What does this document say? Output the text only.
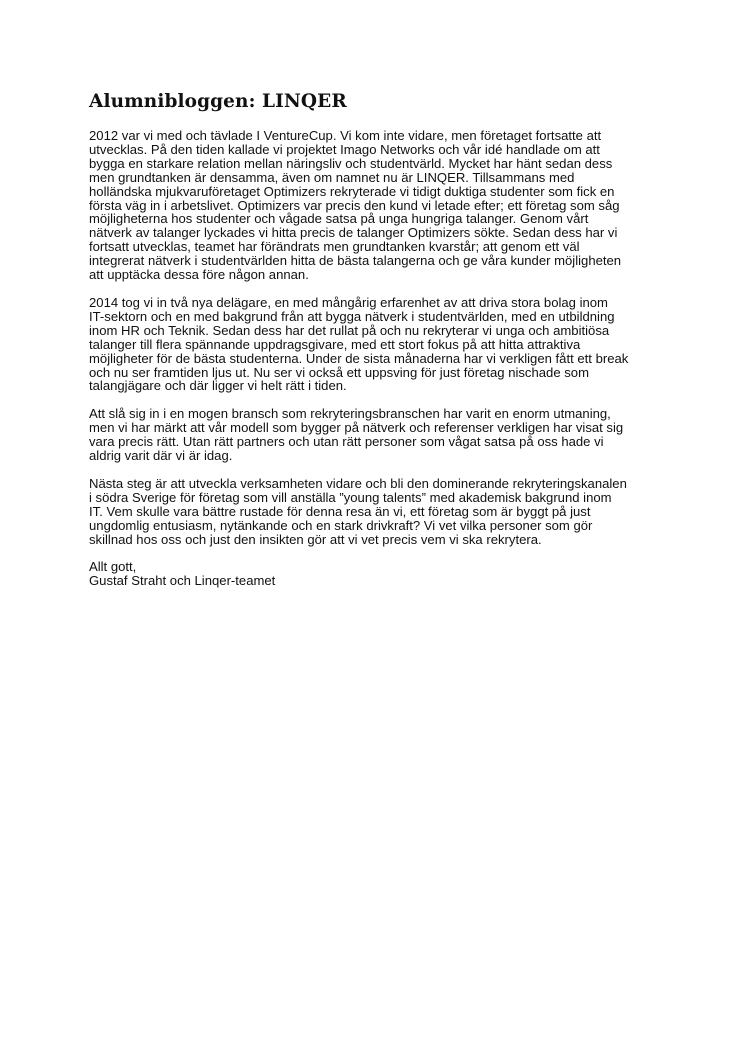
Alumnibloggen: LINQER
2012 var vi med och tävlade I VentureCup. Vi kom inte vidare, men företaget fortsatte att
utvecklas. På den tiden kallade vi projektet Imago Networks och vår idé handlade om att
bygga en starkare relation mellan näringsliv och studentvärld. Mycket har hänt sedan dess
men grundtanken är densamma, även om namnet nu är LINQER. Tillsammans med
holländska mjukvaruföretaget Optimizers rekryterade vi tidigt duktiga studenter som fick en
första väg in i arbetslivet. Optimizers var precis den kund vi letade efter; ett företag som såg
möjligheterna hos studenter och vågade satsa på unga hungriga talanger. Genom vårt
nätverk av talanger lyckades vi hitta precis de talanger Optimizers sökte. Sedan dess har vi
fortsatt utvecklas, teamet har förändrats men grundtanken kvarstår; att genom ett väl
integrerat nätverk i studentvärlden hitta de bästa talangerna och ge våra kunder möjligheten
att upptäcka dessa före någon annan.
2014 tog vi in två nya delägare, en med mångårig erfarenhet av att driva stora bolag inom
IT-sektorn och en med bakgrund från att bygga nätverk i studentvärlden, med en utbildning
inom HR och Teknik. Sedan dess har det rullat på och nu rekryterar vi unga och ambitiösa
talanger till flera spännande uppdragsgivare, med ett stort fokus på att hitta attraktiva
möjligheter för de bästa studenterna. Under de sista månaderna har vi verkligen fått ett break
och nu ser framtiden ljus ut. Nu ser vi också ett uppsving för just företag nischade som
talangjägare och där ligger vi helt rätt i tiden.
Att slå sig in i en mogen bransch som rekryteringsbranschen har varit en enorm utmaning,
men vi har märkt att vår modell som bygger på nätverk och referenser verkligen har visat sig
vara precis rätt. Utan rätt partners och utan rätt personer som vågat satsa på oss hade vi
aldrig varit där vi är idag.
Nästa steg är att utveckla verksamheten vidare och bli den dominerande rekryteringskanalen
i södra Sverige för företag som vill anställa ”young talents” med akademisk bakgrund inom
IT. Vem skulle vara bättre rustade för denna resa än vi, ett företag som är byggt på just
ungdomlig entusiasm, nytänkande och en stark drivkraft? Vi vet vilka personer som gör
skillnad hos oss och just den insikten gör att vi vet precis vem vi ska rekrytera.
Allt gott,
Gustaf Straht och Linqer-teamet
